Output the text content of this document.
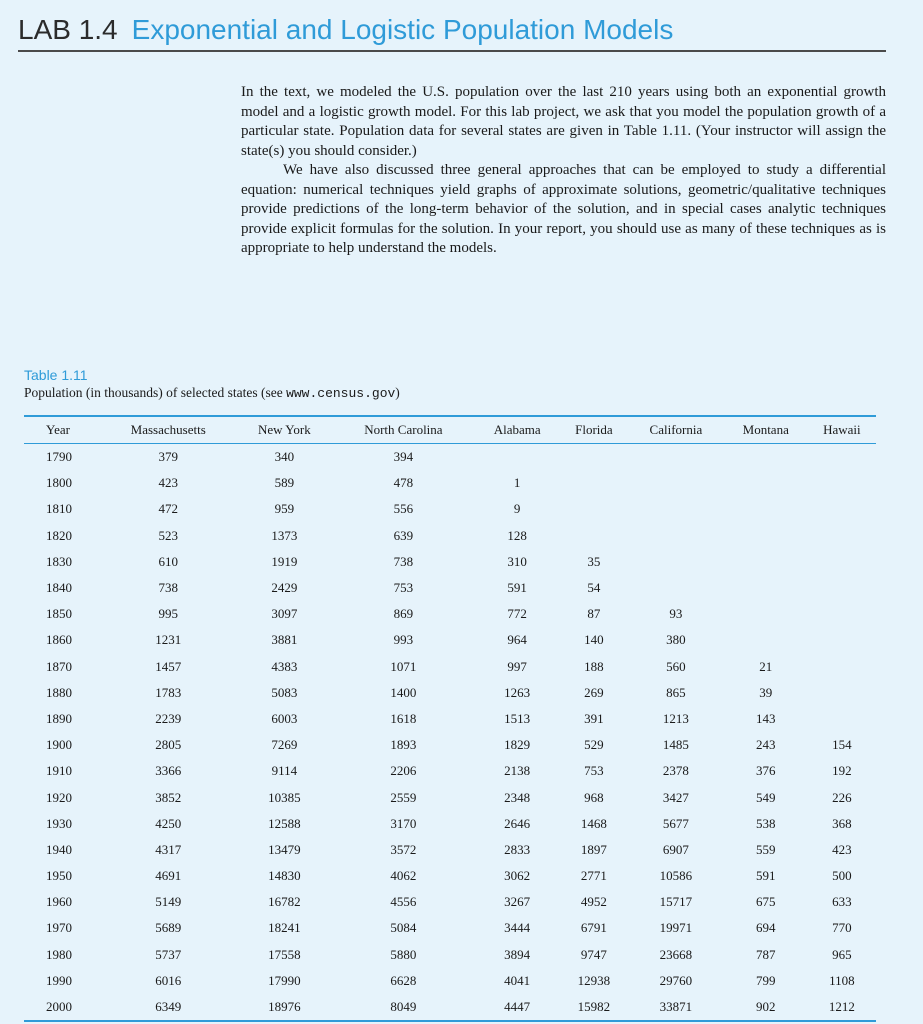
LAB 1.4 Exponential and Logistic Population Models

In the text, we modeled the U.S. population over the last 210 years using both an exponential growth model and a logistic growth model. For this lab project, we ask that you model the population growth of a particular state. Population data for several states are given in Table 1.11. (Your instructor will assign the state(s) you should consider.)

We have also discussed three general approaches that can be employed to study a differential equation: numerical techniques yield graphs of approximate solutions, geometric/qualitative techniques provide predictions of the long-term behavior of the solution, and in special cases analytic techniques provide explicit formulas for the solution. In your report, you should use as many of these techniques as is appropriate to help understand the models.

Table 1.11
Population (in thousands) of selected states (see www.census.gov)
Year	Massachusetts	New York	North Carolina	Alabama	Florida	California	Montana	Hawaii
1790	379	340	394					
1800	423	589	478	1				
1810	472	959	556	9				
1820	523	1373	639	128				
1830	610	1919	738	310	35			
1840	738	2429	753	591	54			
1850	995	3097	869	772	87	93		
1860	1231	3881	993	964	140	380		
1870	1457	4383	1071	997	188	560	21	
1880	1783	5083	1400	1263	269	865	39	
1890	2239	6003	1618	1513	391	1213	143	
1900	2805	7269	1893	1829	529	1485	243	154
1910	3366	9114	2206	2138	753	2378	376	192
1920	3852	10385	2559	2348	968	3427	549	226
1930	4250	12588	3170	2646	1468	5677	538	368
1940	4317	13479	3572	2833	1897	6907	559	423
1950	4691	14830	4062	3062	2771	10586	591	500
1960	5149	16782	4556	3267	4952	15717	675	633
1970	5689	18241	5084	3444	6791	19971	694	770
1980	5737	17558	5880	3894	9747	23668	787	965
1990	6016	17990	6628	4041	12938	29760	799	1108
2000	6349	18976	8049	4447	15982	33871	902	1212
